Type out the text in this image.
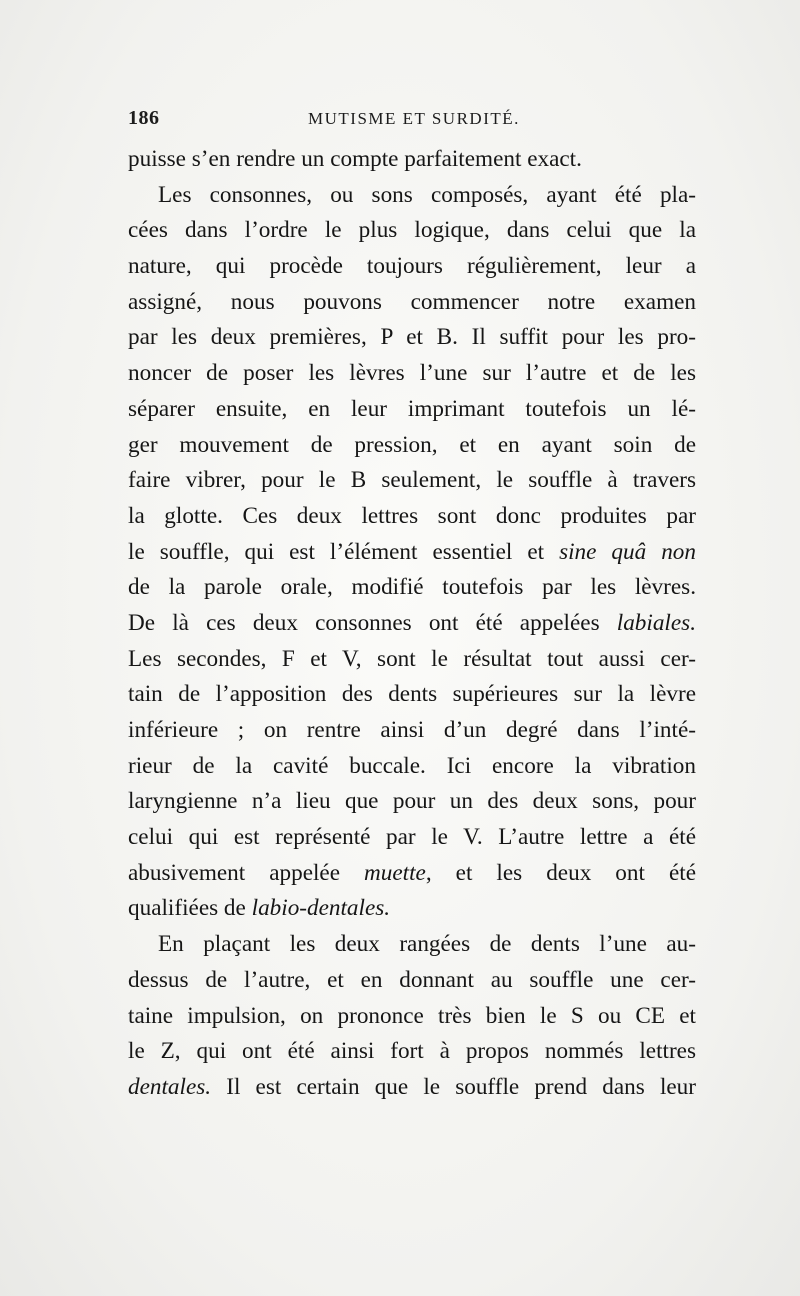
186	MUTISME ET SURDITÉ.
puisse s’en rendre un compte parfaitement exact.
Les consonnes, ou sons composés, ayant été pla-
cées dans l’ordre le plus logique, dans celui que la
nature, qui procède toujours régulièrement, leur a
assigné, nous pouvons commencer notre examen
par les deux premières, P et B. Il suffit pour les pro-
noncer de poser les lèvres l’une sur l’autre et de les
séparer ensuite, en leur imprimant toutefois un lé-
ger mouvement de pression, et en ayant soin de
faire vibrer, pour le B seulement, le souffle à travers
la glotte. Ces deux lettres sont donc produites par
le souffle, qui est l’élément essentiel et sine quâ non
de la parole orale, modifié toutefois par les lèvres.
De là ces deux consonnes ont été appelées labiales.
Les secondes, F et V, sont le résultat tout aussi cer-
tain de l’apposition des dents supérieures sur la lèvre
inférieure ; on rentre ainsi d’un degré dans l’inté-
rieur de la cavité buccale. Ici encore la vibration
laryngienne n’a lieu que pour un des deux sons, pour
celui qui est représenté par le V. L’autre lettre a été
abusivement appelée muette, et les deux ont été
qualifiées de labio-dentales.
En plaçant les deux rangées de dents l’une au-
dessus de l’autre, et en donnant au souffle une cer-
taine impulsion, on prononce très bien le S ou CE et
le Z, qui ont été ainsi fort à propos nommés lettres
dentales. Il est certain que le souffle prend dans leur
